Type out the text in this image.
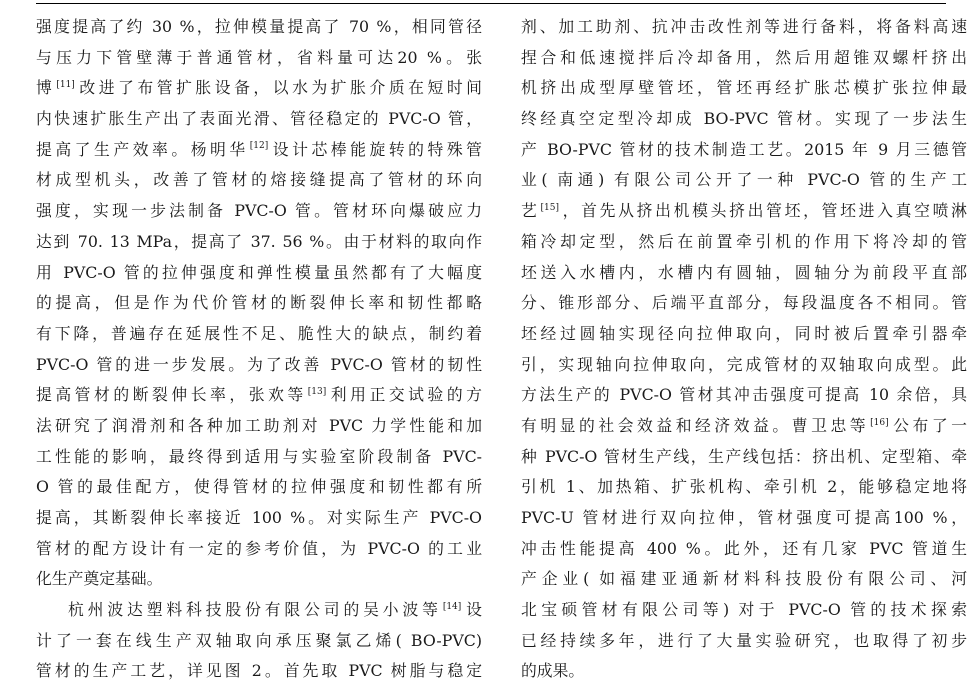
强度提高了约 30 %，拉伸模量提高了 70 %，相同管径
与压力下管壁薄于普通管材，省料量可达20 %。张
博[11]改进了布管扩胀设备，以水为扩胀介质在短时间
内快速扩胀生产出了表面光滑、管径稳定的 PVC-O 管，
提高了生产效率。杨明华[12]设计芯棒能旋转的特殊管
材成型机头，改善了管材的熔接缝提高了管材的环向
强度，实现一步法制备 PVC-O 管。管材环向爆破应力
达到 70. 13 MPa，提高了 37. 56 %。由于材料的取向作
用 PVC-O 管的拉伸强度和弹性模量虽然都有了大幅度
的提高，但是作为代价管材的断裂伸长率和韧性都略
有下降，普遍存在延展性不足、脆性大的缺点，制约着
PVC-O 管的进一步发展。为了改善 PVC-O 管材的韧性
提高管材的断裂伸长率，张欢等[13]利用正交试验的方
法研究了润滑剂和各种加工助剂对 PVC 力学性能和加
工性能的影响，最终得到适用与实验室阶段制备 PVC-
O 管的最佳配方，使得管材的拉伸强度和韧性都有所
提高，其断裂伸长率接近 100 %。对实际生产 PVC-O
管材的配方设计有一定的参考价值，为 PVC-O 的工业
化生产奠定基础。
杭州波达塑料科技股份有限公司的吴小波等[14]设
计了一套在线生产双轴取向承压聚氯乙烯( BO-PVC)
管材的生产工艺，详见图 2。首先取 PVC 树脂与稳定
剂、加工助剂、抗冲击改性剂等进行备料，将备料高速
捏合和低速搅拌后冷却备用，然后用超锥双螺杆挤出
机挤出成型厚壁管坯，管坯再经扩胀芯模扩张拉伸最
终经真空定型冷却成 BO-PVC 管材。实现了一步法生
产 BO-PVC 管材的技术制造工艺。2015 年 9 月三德管
业( 南通) 有限公司公开了一种 PVC-O 管的生产工
艺[15]，首先从挤出机模头挤出管坯，管坯进入真空喷淋
箱冷却定型，然后在前置牵引机的作用下将冷却的管
坯送入水槽内，水槽内有圆轴，圆轴分为前段平直部
分、锥形部分、后端平直部分，每段温度各不相同。管
坯经过圆轴实现径向拉伸取向，同时被后置牵引器牵
引，实现轴向拉伸取向，完成管材的双轴取向成型。此
方法生产的 PVC-O 管材其冲击强度可提高 10 余倍，具
有明显的社会效益和经济效益。曹卫忠等[16]公布了一
种 PVC-O 管材生产线，生产线包括：挤出机、定型箱、牵
引机 1、加热箱、扩张机构、牵引机 2，能够稳定地将
PVC-U 管材进行双向拉伸，管材强度可提高100 %，
冲击性能提高 400 %。此外，还有几家 PVC 管道生
产企业( 如福建亚通新材料科技股份有限公司、河
北宝硕管材有限公司等) 对于 PVC-O 管的技术探索
已经持续多年，进行了大量实验研究，也取得了初步
的成果。
